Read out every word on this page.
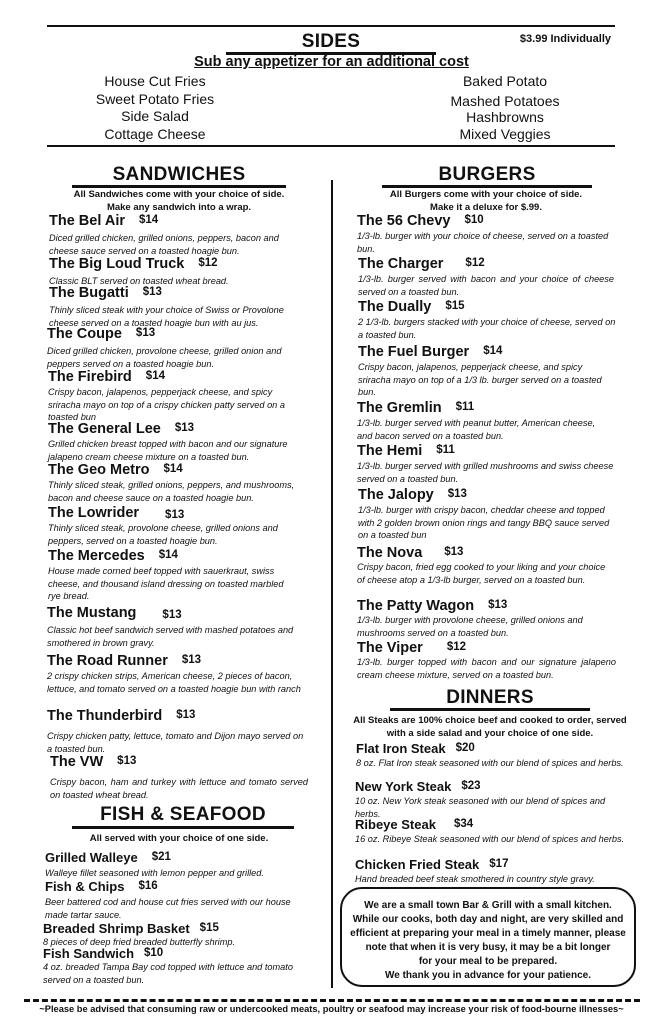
SIDES	$3.99 Individually
Sub any appetizer for an additional cost
House Cut Fries
Sweet Potato Fries
Side Salad
Cottage Cheese
Baked Potato
Mashed Potatoes
Hashbrowns
Mixed Veggies
SANDWICHES
All Sandwiches come with your choice of side.
Make any sandwich into a wrap.
The Bel Air $14
Diced grilled chicken, grilled onions, peppers, bacon and cheese sauce served on a toasted hoagie bun.
The Big Loud Truck $12
Classic BLT served on toasted wheat bread.
The Bugatti $13
Thinly sliced steak with your choice of Swiss or Provolone cheese served on a toasted hoagie bun with au jus.
The Coupe $13
Diced grilled chicken, provolone cheese, grilled onion and peppers served on a toasted hoagie bun.
The Firebird $14
Crispy bacon, jalapenos, pepperjack cheese, and spicy sriracha mayo on top of a crispy chicken patty served on a toasted bun
The General Lee $13
Grilled chicken breast topped with bacon and our signature jalapeno cream cheese mixture on a toasted bun.
The Geo Metro $14
Thinly sliced steak, grilled onions, peppers, and mushrooms, bacon and cheese sauce on a toasted hoagie bun.
The Lowrider $13
Thinly sliced steak, provolone cheese, grilled onions and peppers, served on a toasted hoagie bun.
The Mercedes $14
House made corned beef topped with sauerkraut, swiss cheese, and thousand island dressing on toasted marbled rye bread.
The Mustang $13
Classic hot beef sandwich served with mashed potatoes and smothered in brown gravy.
The Road Runner $13
2 crispy chicken strips, American cheese, 2 pieces of bacon, lettuce, and tomato served on a toasted hoagie bun with ranch
The Thunderbird $13
Crispy chicken patty, lettuce, tomato and Dijon mayo served on a toasted bun.
The VW $13
Crispy bacon, ham and turkey with lettuce and tomato served on toasted wheat bread.
FISH & SEAFOOD
All served with your choice of one side.
Grilled Walleye $21
Walleye fillet seasoned with lemon pepper and grilled.
Fish & Chips $16
Beer battered cod and house cut fries served with our house made tartar sauce.
Breaded Shrimp Basket $15
8 pieces of deep fried breaded butterfly shrimp.
Fish Sandwich $10
4 oz. breaded Tampa Bay cod topped with lettuce and tomato served on a toasted bun.
BURGERS
All Burgers come with your choice of side.
Make it a deluxe for $.99.
The 56 Chevy $10
1/3-lb. burger with your choice of cheese, served on a toasted bun.
The Charger $12
1/3-lb. burger served with bacon and your choice of cheese served on a toasted bun.
The Dually $15
2 1/3-lb. burgers stacked with your choice of cheese, served on a toasted bun.
The Fuel Burger $14
Crispy bacon, jalapenos, pepperjack cheese, and spicy sriracha mayo on top of a 1/3 lb. burger served on a toasted bun.
The Gremlin $11
1/3-lb. burger served with peanut butter, American cheese, and bacon served on a toasted bun.
The Hemi $11
1/3-lb. burger served with grilled mushrooms and swiss cheese served on a toasted bun.
The Jalopy $13
1/3-lb. burger with crispy bacon, cheddar cheese and topped with 2 golden brown onion rings and tangy BBQ sauce served on a toasted bun
The Nova $13
Crispy bacon, fried egg cooked to your liking and your choice of cheese atop a 1/3-lb burger, served on a toasted bun.
The Patty Wagon $13
1/3-lb. burger with provolone cheese, grilled onions and mushrooms served on a toasted bun.
The Viper $12
1/3-lb. burger topped with bacon and our signature jalapeno cream cheese mixture, served on a toasted bun.
DINNERS
All Steaks are 100% choice beef and cooked to order, served
with a side salad and your choice of one side.
Flat Iron Steak $20
8 oz. Flat Iron steak seasoned with our blend of spices and herbs.
New York Steak $23
10 oz. New York steak seasoned with our blend of spices and herbs.
Ribeye Steak $34
16 oz. Ribeye Steak seasoned with our blend of spices and herbs.
Chicken Fried Steak $17
Hand breaded beef steak smothered in country style gravy.
We are a small town Bar & Grill with a small kitchen.
While our cooks, both day and night, are very skilled and
efficient at preparing your meal in a timely manner, please
note that when it is very busy, it may be a bit longer
for your meal to be prepared.
We thank you in advance for your patience.
~Please be advised that consuming raw or undercooked meats, poultry or seafood may increase your risk of food-bourne illnesses~
